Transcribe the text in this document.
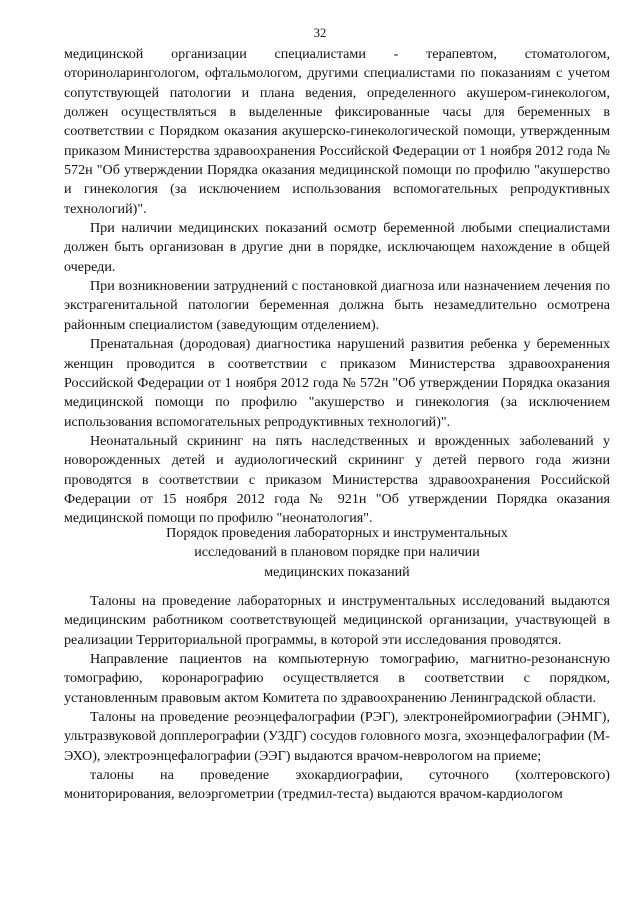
32

медицинской организации специалистами - терапевтом, стоматологом, оториноларингологом, офтальмологом, другими специалистами по показаниям с учетом сопутствующей патологии и плана ведения, определенного акушером-гинекологом, должен осуществляться в выделенные фиксированные часы для беременных в соответствии с Порядком оказания акушерско-гинекологической помощи, утвержденным приказом Министерства здравоохранения Российской Федерации от 1 ноября 2012 года № 572н "Об утверждении Порядка оказания медицинской помощи по профилю "акушерство и гинекология (за исключением использования вспомогательных репродуктивных технологий)".

При наличии медицинских показаний осмотр беременной любыми специалистами должен быть организован в другие дни в порядке, исключающем нахождение в общей очереди.

При возникновении затруднений с постановкой диагноза или назначением лечения по экстрагенитальной патологии беременная должна быть незамедлительно осмотрена районным специалистом (заведующим отделением).

Пренатальная (дородовая) диагностика нарушений развития ребенка у беременных женщин проводится в соответствии с приказом Министерства здравоохранения Российской Федерации от 1 ноября 2012 года № 572н "Об утверждении Порядка оказания медицинской помощи по профилю "акушерство и гинекология (за исключением использования вспомогательных репродуктивных технологий)".

Неонатальный скрининг на пять наследственных и врожденных заболеваний у новорожденных детей и аудиологический скрининг у детей первого года жизни проводятся в соответствии с приказом Министерства здравоохранения Российской Федерации от 15 ноября 2012 года № 921н "Об утверждении Порядка оказания медицинской помощи по профилю "неонатология".

Порядок проведения лабораторных и инструментальных
исследований в плановом порядке при наличии
медицинских показаний

Талоны на проведение лабораторных и инструментальных исследований выдаются медицинским работником соответствующей медицинской организации, участвующей в реализации Территориальной программы, в которой эти исследования проводятся.

Направление пациентов на компьютерную томографию, магнитно-резонансную томографию, коронарографию осуществляется в соответствии с порядком, установленным правовым актом Комитета по здравоохранению Ленинградской области.

Талоны на проведение реоэнцефалографии (РЭГ), электронейромиографии (ЭНМГ), ультразвуковой допплерографии (УЗДГ) сосудов головного мозга, эхоэнцефалографии (М-ЭХО), электроэнцефалографии (ЭЭГ) выдаются врачом-неврологом на приеме;

талоны на проведение эхокардиографии, суточного (холтеровского) мониторирования, велоэргометрии (тредмил-теста) выдаются врачом-кардиологом
